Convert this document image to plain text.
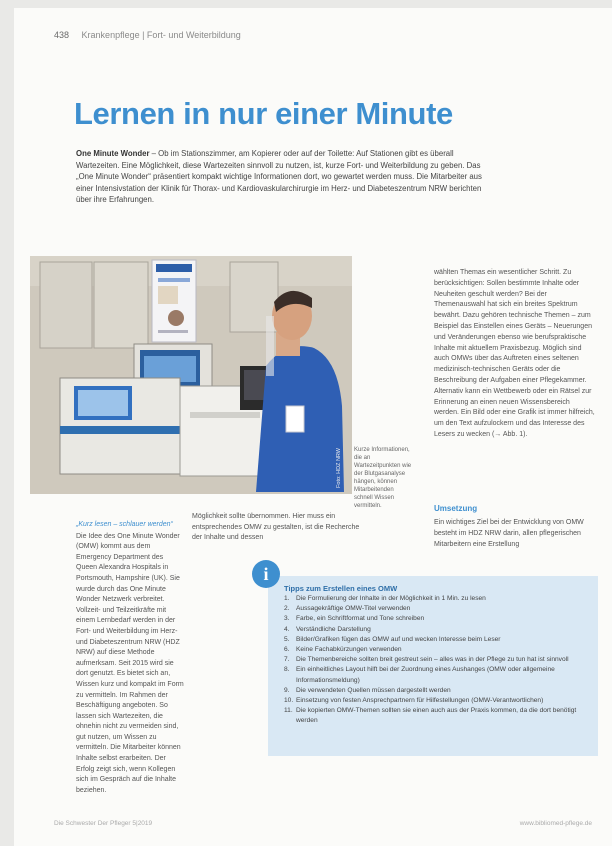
438 Krankenpflege | Fort- und Weiterbildung
Lernen in nur einer Minute
One Minute Wonder – Ob im Stationszimmer, am Kopierer oder auf der Toilette: Auf Stationen gibt es überall Wartezeiten. Eine Möglichkeit, diese Wartezeiten sinnvoll zu nutzen, ist, kurze Fort- und Weiterbildung zu geben. Das „One Minute Wonder“ präsentiert kompakt wichtige Informationen dort, wo gewartet werden muss. Die Mitarbeiter aus einer Intensivstation der Klinik für Thorax- und Kardiovaskularchirurgie im Herz- und Diabeteszentrum NRW berichten über ihre Erfahrungen.
Foto: HDZ NRW Kurze Informationen, die an Wartezeitpunkten wie der Blutgasanalyse hängen, können Mitarbeitenden schnell Wissen vermitteln.
wählten Themas ein wesentlicher Schritt. Zu berücksichtigen: Sollen bestimmte Inhalte oder Neuheiten geschult werden? Bei der Themenauswahl hat sich ein breites Spektrum bewährt. Dazu gehören technische Themen – zum Beispiel das Einstellen eines Geräts – Neuerungen und Veränderungen ebenso wie berufspraktische Inhalte mit aktuellem Praxisbezug. Möglich sind auch OMWs über das Auftreten eines seltenen medizinisch-technischen Geräts oder die Beschreibung der Aufgaben einer Pflegekammer. Alternativ kann ein Wettbewerb oder ein Rätsel zur Erinnerung an einen neuen Wissensbereich werden. Ein Bild oder eine Grafik ist immer hilfreich, um den Text aufzulockern und das Interesse des Lesers zu wecken (→ Abb. 1).
Umsetzung
Ein wichtiges Ziel bei der Entwicklung von OMW besteht im HDZ NRW darin, allen pflegerischen Mitarbeitern eine Erstellung
„Kurz lesen – schlauer werden“
Die Idee des One Minute Wonder (OMW) kommt aus dem Emergency Department des Queen Alexandra Hospitals in Portsmouth, Hampshire (UK). Sie wurde durch das One Minute Wonder Netzwerk verbreitet. Vollzeit- und Teilzeitkräfte mit einem Lernbedarf werden in der Fort- und Weiterbildung im Herz- und Diabeteszentrum NRW (HDZ NRW) auf diese Methode aufmerksam. Seit 2015 wird sie dort genutzt. Es bietet sich an, Wissen kurz und kompakt im Form zu vermitteln. Im Rahmen der Beschäftigung angeboten. So lassen sich Wartezeiten, die ohnehin nicht zu vermeiden sind, gut nutzen, um Wissen zu vermitteln. Die Mitarbeiter können Inhalte selbst erarbeiten. Der Erfolg zeigt sich, wenn Kollegen sich im Gespräch auf die Inhalte beziehen.
Möglichkeit sollte übernommen. Hier muss ein entsprechendes OMW zu gestalten, ist die Recherche der Inhalte und dessen
Tipps zum Erstellen eines OMW
1. Die Formulierung der Inhalte in der Möglichkeit in 1 Min. zu lesen
2. Aussagekräftige OMW-Titel verwenden
3. Farbe, ein Schriftformat und Tone schreiben
4. Verständliche Darstellung
5. Bilder/Grafiken fügen das OMW auf und wecken Interesse beim Leser
6. Keine Fachabkürzungen verwenden
7. Die Themenbereiche sollten breit gestreut sein – alles was in der Pflege zu tun hat ist sinnvoll
8. Ein einheitliches Layout hilft bei der Zuordnung eines Aushanges (OMW oder allgemeine Informationsmeldung)
9. Die verwendeten Quellen müssen dargestellt werden
10. Einsetzung von festen Ansprechpartnern für Hilfestellungen (OMW-Verantwortlichen)
11. Die kopierten OMW-Themen sollten sie einen auch aus der Praxis kommen, da die dort benötigt werden
i
Die Schwester Der Pfleger 5|2019	www.bibliomed-pflege.de
